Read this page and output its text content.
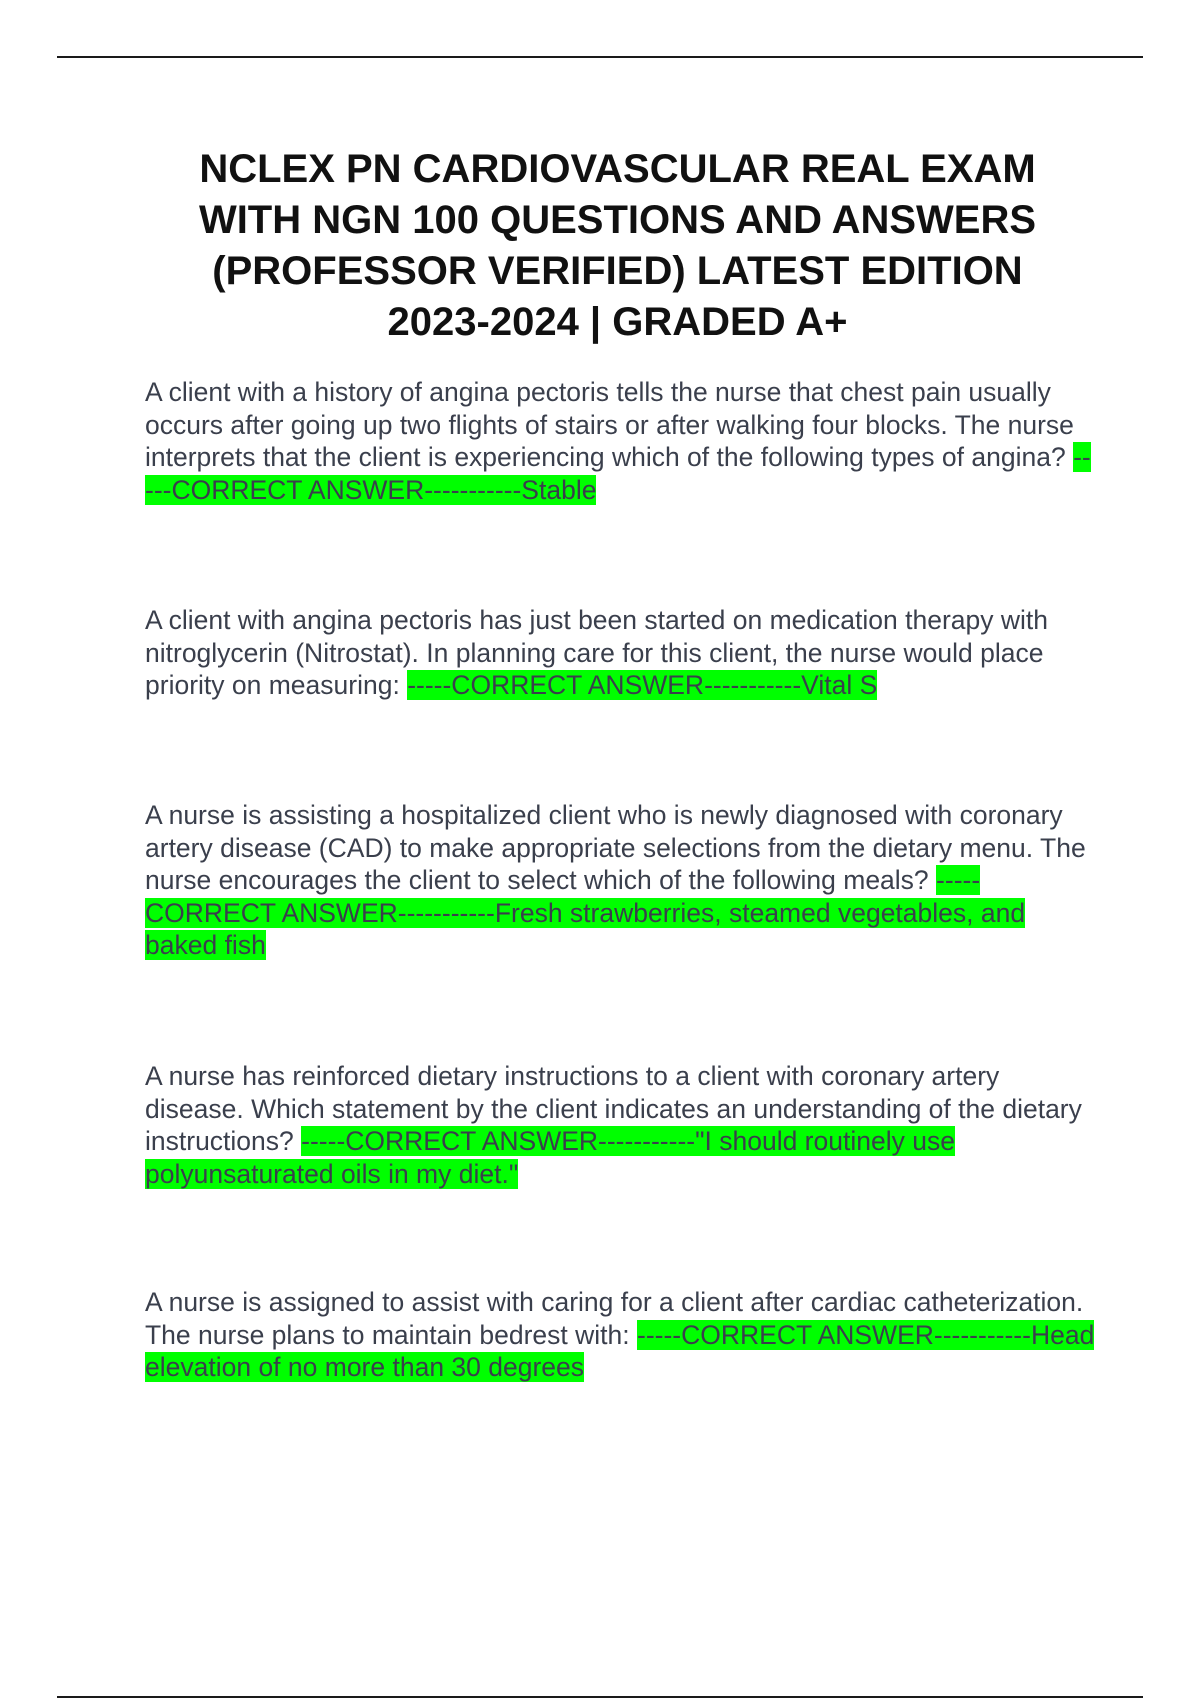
NCLEX PN CARDIOVASCULAR REAL EXAM
WITH NGN 100 QUESTIONS AND ANSWERS
(PROFESSOR VERIFIED) LATEST EDITION
2023-2024 | GRADED A+

A client with a history of angina pectoris tells the nurse that chest pain usually occurs after going up two flights of stairs or after walking four blocks. The nurse interprets that the client is experiencing which of the following types of angina? -----CORRECT ANSWER-----------Stable

A client with angina pectoris has just been started on medication therapy with nitroglycerin (Nitrostat). In planning care for this client, the nurse would place priority on measuring: -----CORRECT ANSWER-----------Vital S

A nurse is assisting a hospitalized client who is newly diagnosed with coronary artery disease (CAD) to make appropriate selections from the dietary menu. The nurse encourages the client to select which of the following meals? -----CORRECT ANSWER-----------Fresh strawberries, steamed vegetables, and baked fish

A nurse has reinforced dietary instructions to a client with coronary artery disease. Which statement by the client indicates an understanding of the dietary instructions? -----CORRECT ANSWER-----------"I should routinely use polyunsaturated oils in my diet."

A nurse is assigned to assist with caring for a client after cardiac catheterization. The nurse plans to maintain bedrest with: -----CORRECT ANSWER-----------Head elevation of no more than 30 degrees
